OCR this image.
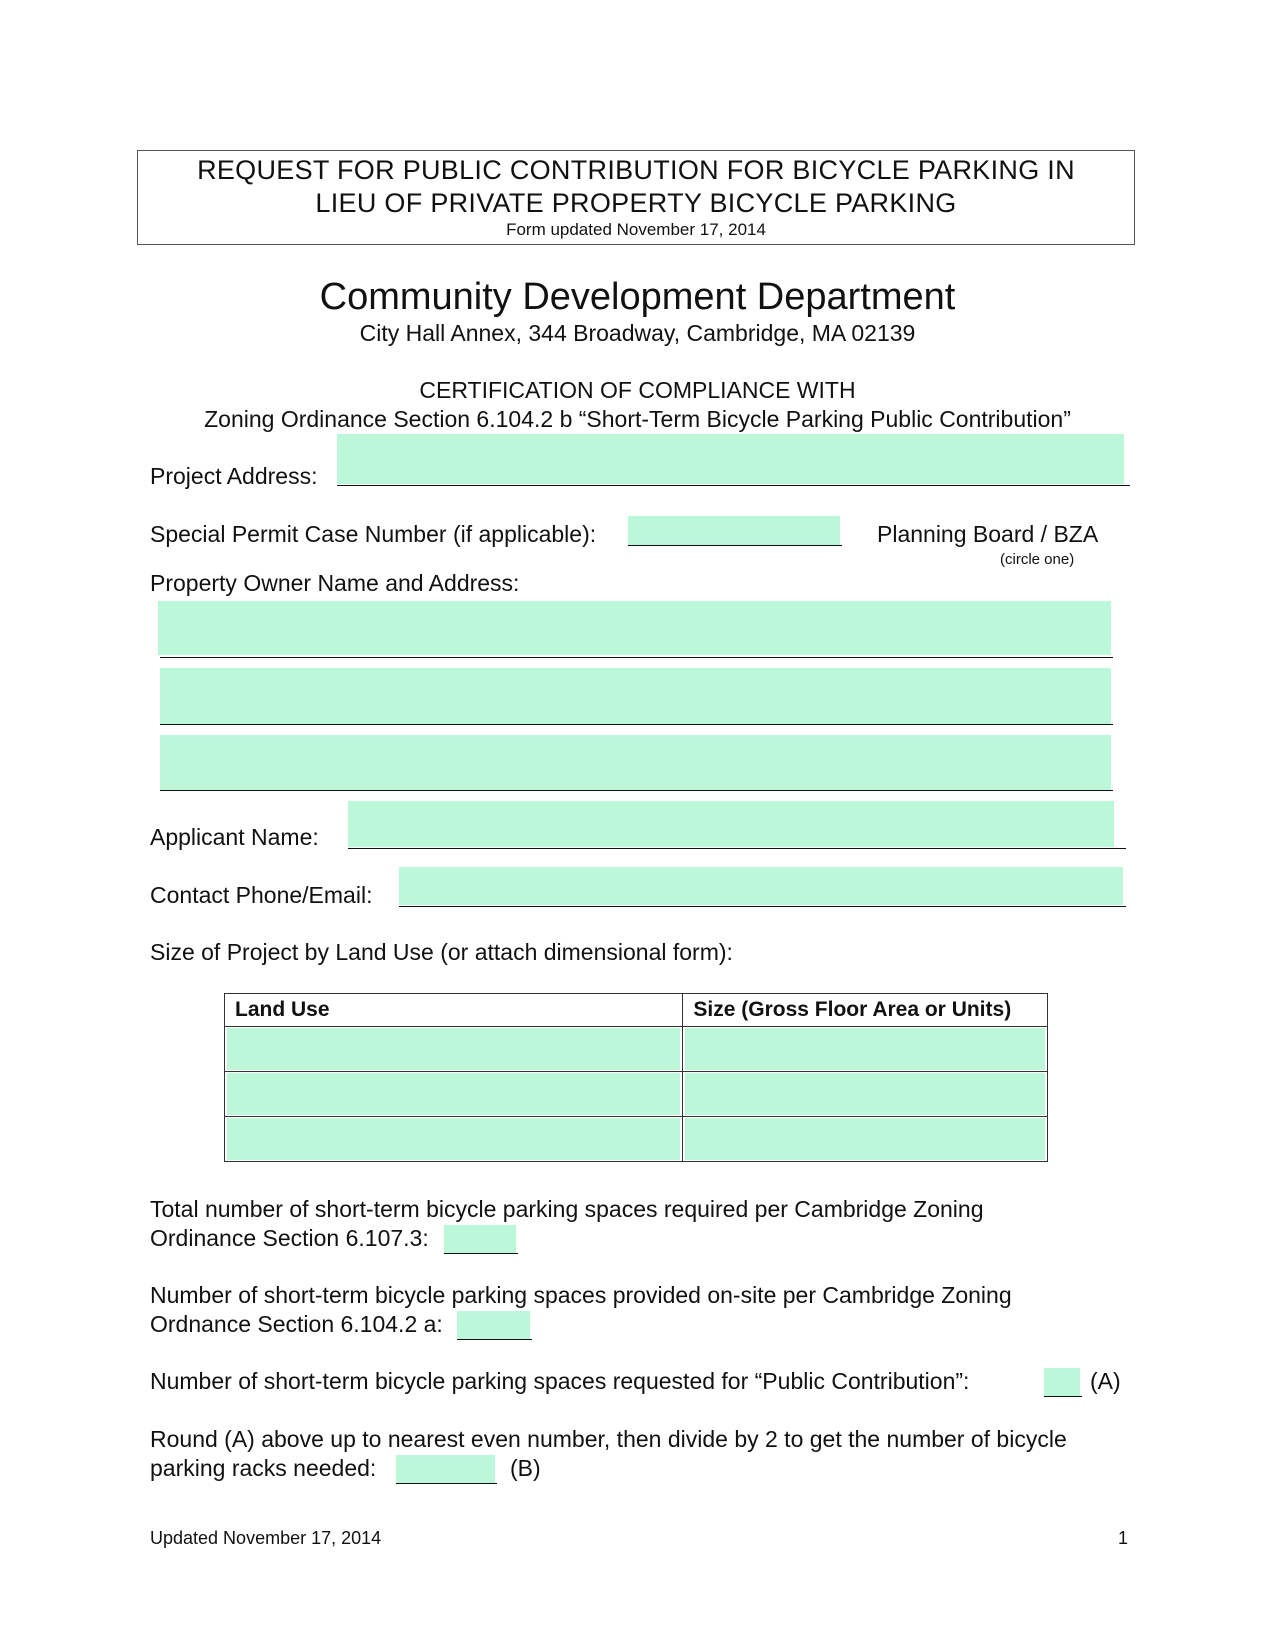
REQUEST FOR PUBLIC CONTRIBUTION FOR BICYCLE PARKING IN
LIEU OF PRIVATE PROPERTY BICYCLE PARKING
Form updated November 17, 2014
Community Development Department
City Hall Annex, 344 Broadway, Cambridge, MA 02139
CERTIFICATION OF COMPLIANCE WITH
Zoning Ordinance Section 6.104.2 b “Short-Term Bicycle Parking Public Contribution”
Project Address:
Special Permit Case Number (if applicable):	Planning Board / BZA
(circle one)
Property Owner Name and Address:
Applicant Name:
Contact Phone/Email:
Size of Project by Land Use (or attach dimensional form):
Land Use	Size (Gross Floor Area or Units)

Total number of short-term bicycle parking spaces required per Cambridge Zoning
Ordinance Section 6.107.3:
Number of short-term bicycle parking spaces provided on-site per Cambridge Zoning
Ordnance Section 6.104.2 a:
Number of short-term bicycle parking spaces requested for “Public Contribution”:	(A)
Round (A) above up to nearest even number, then divide by 2 to get the number of bicycle
parking racks needed:	(B)
Updated November 17, 2014	1
